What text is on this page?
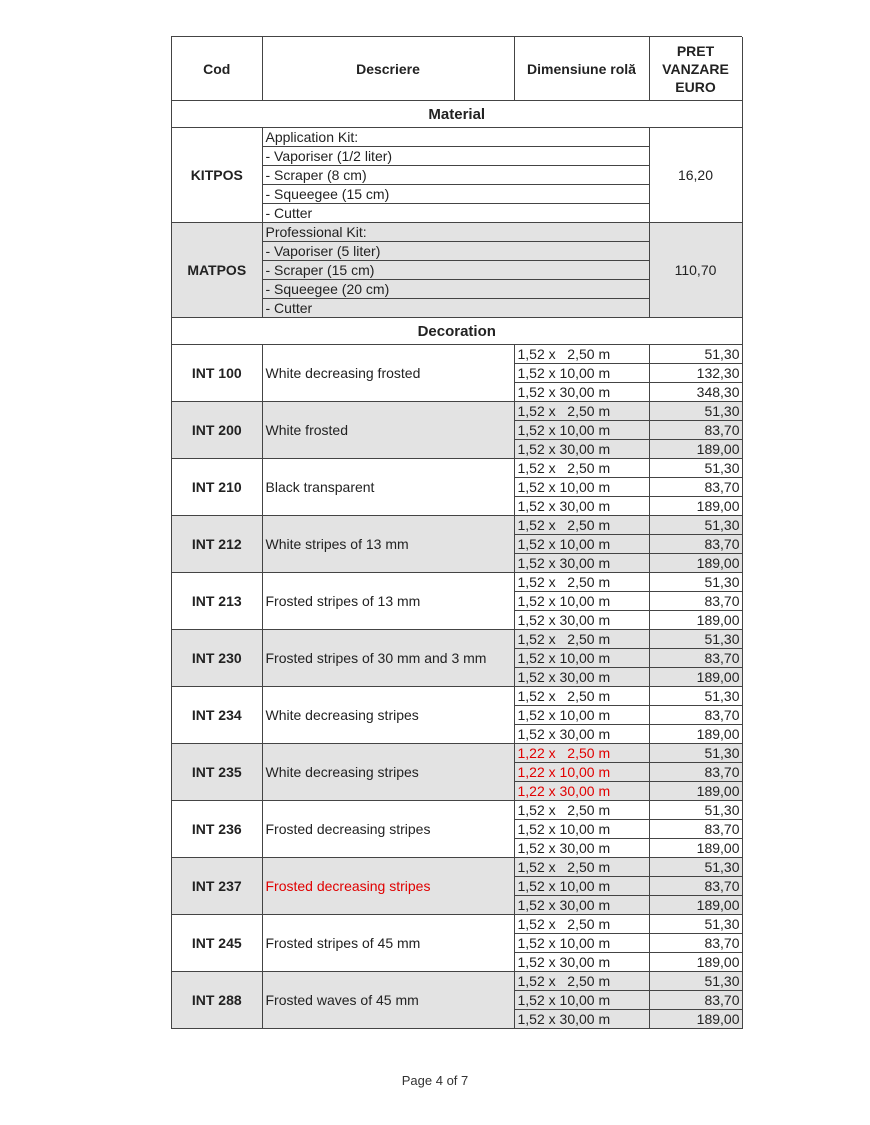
Cod	Descriere	Dimensiune rolă	PRET
VANZARE
EURO

Material			
KITPOS	Application Kit:		16,20
	- Vaporiser (1/2 liter)		
	- Scraper (8 cm)		
	- Squeegee (15 cm)		
	- Cutter		
MATPOS	Professional Kit:		110,70
	- Vaporiser (5 liter)		
	- Scraper (15 cm)		
	- Squeegee (20 cm)		
	- Cutter		
Decoration			
INT 100	White decreasing frosted	1,52 x   2,50 m	51,30
		1,52 x 10,00 m	132,30
		1,52 x 30,00 m	348,30
INT 200	White frosted	1,52 x   2,50 m	51,30
		1,52 x 10,00 m	83,70
		1,52 x 30,00 m	189,00
INT 210	Black transparent	1,52 x   2,50 m	51,30
		1,52 x 10,00 m	83,70
		1,52 x 30,00 m	189,00
INT 212	White stripes of 13 mm	1,52 x   2,50 m	51,30
		1,52 x 10,00 m	83,70
		1,52 x 30,00 m	189,00
INT 213	Frosted stripes of 13 mm	1,52 x   2,50 m	51,30
		1,52 x 10,00 m	83,70
		1,52 x 30,00 m	189,00
INT 230	Frosted stripes of 30 mm and 3 mm	1,52 x   2,50 m	51,30
		1,52 x 10,00 m	83,70
		1,52 x 30,00 m	189,00
INT 234	White decreasing stripes	1,52 x   2,50 m	51,30
		1,52 x 10,00 m	83,70
		1,52 x 30,00 m	189,00
INT 235	White decreasing stripes	1,22 x   2,50 m	51,30
		1,22 x 10,00 m	83,70
		1,22 x 30,00 m	189,00
INT 236	Frosted decreasing stripes	1,52 x   2,50 m	51,30
		1,52 x 10,00 m	83,70
		1,52 x 30,00 m	189,00
INT 237	Frosted decreasing stripes	1,52 x   2,50 m	51,30
		1,52 x 10,00 m	83,70
		1,52 x 30,00 m	189,00
INT 245	Frosted stripes of 45 mm	1,52 x   2,50 m	51,30
		1,52 x 10,00 m	83,70
		1,52 x 30,00 m	189,00
INT 288	Frosted waves of 45 mm	1,52 x   2,50 m	51,30
		1,52 x 10,00 m	83,70
		1,52 x 30,00 m	189,00
Page 4 of 7
